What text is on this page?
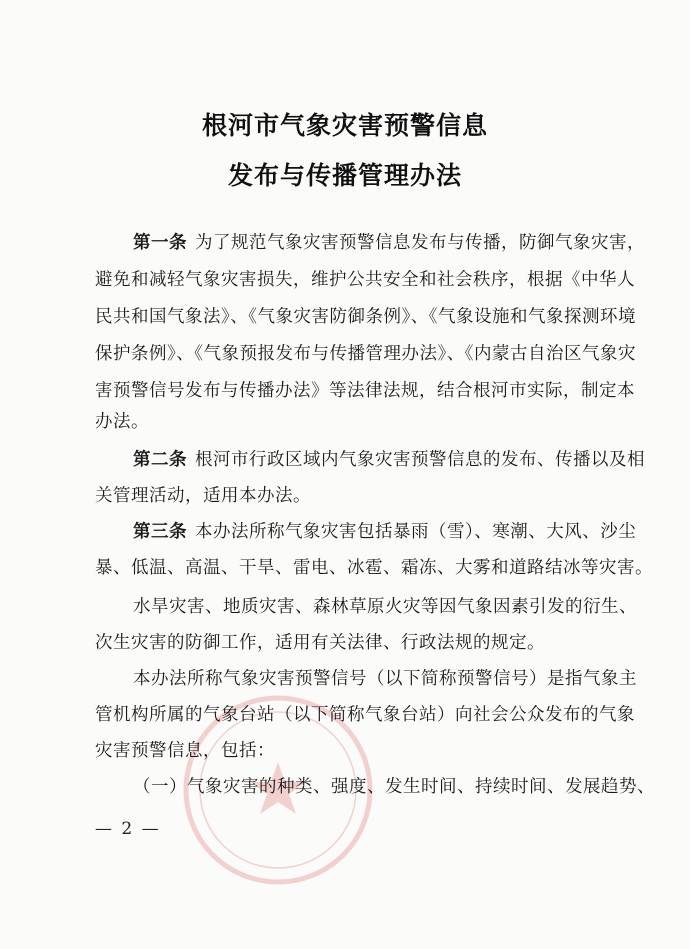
根河市气象灾害预警信息
发布与传播管理办法
第一条 为了规范气象灾害预警信息发布与传播，防御气象灾害，
避免和减轻气象灾害损失，维护公共安全和社会秩序，根据《中华人
民共和国气象法》、《气象灾害防御条例》、《气象设施和气象探测环境
保护条例》、《气象预报发布与传播管理办法》、《内蒙古自治区气象灾
害预警信号发布与传播办法》等法律法规，结合根河市实际，制定本
办法。
第二条 根河市行政区域内气象灾害预警信息的发布、传播以及相
关管理活动，适用本办法。
第三条 本办法所称气象灾害包括暴雨（雪）、寒潮、大风、沙尘
暴、低温、高温、干旱、雷电、冰雹、霜冻、大雾和道路结冰等灾害。
水旱灾害、地质灾害、森林草原火灾等因气象因素引发的衍生、
次生灾害的防御工作，适用有关法律、行政法规的规定。
本办法所称气象灾害预警信号（以下简称预警信号）是指气象主
管机构所属的气象台站（以下简称气象台站）向社会公众发布的气象
灾害预警信息，包括：
（一）气象灾害的种类、强度、发生时间、持续时间、发展趋势、
— 2 —
